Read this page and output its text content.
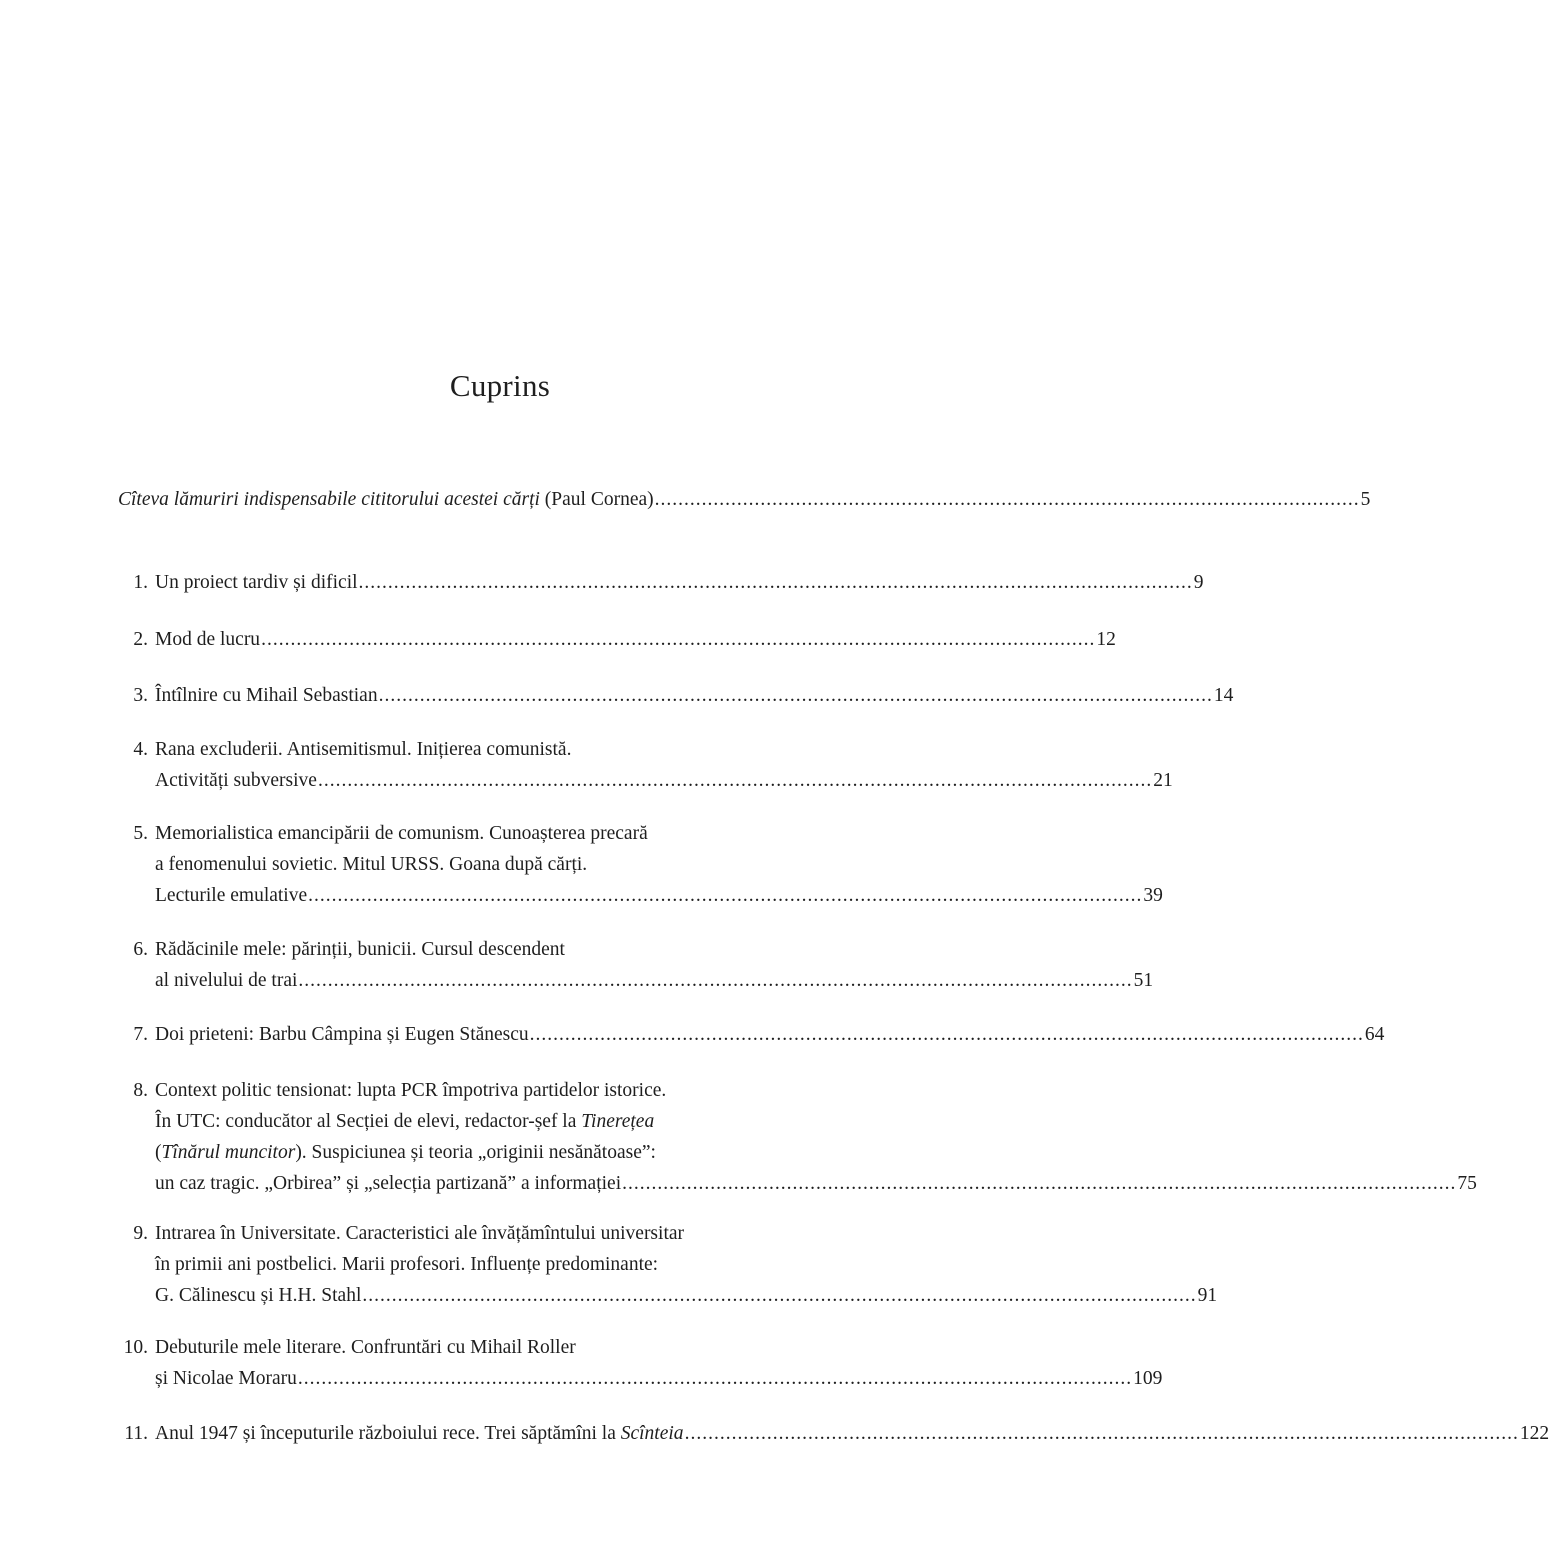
Cuprins
Cîteva lămuriri indispensabile cititorului acestei cărți (Paul Cornea) ........................................................................................................................ 5
1. Un proiect tardiv și dificil .............................................................................................................................................. 9
2. Mod de lucru .............................................................................................................................................. 12
3. Întîlnire cu Mihail Sebastian .............................................................................................................................................. 14
4. Rana excluderii. Antisemitismul. Inițierea comunistă.
Activități subversive .............................................................................................................................................. 21
5. Memorialistica emancipării de comunism. Cunoașterea precară
a fenomenului sovietic. Mitul URSS. Goana după cărți.
Lecturile emulative .............................................................................................................................................. 39
6. Rădăcinile mele: părinții, bunicii. Cursul descendent
al nivelului de trai .............................................................................................................................................. 51
7. Doi prieteni: Barbu Câmpina și Eugen Stănescu .............................................................................................................................................. 64
8. Context politic tensionat: lupta PCR împotriva partidelor istorice.
În UTC: conducător al Secției de elevi, redactor-șef la Tinerețea
(Tînărul muncitor). Suspiciunea și teoria „originii nesănătoase”:
un caz tragic. „Orbirea” și „selecția partizană” a informației .............................................................................................................................................. 75
9. Intrarea în Universitate. Caracteristici ale învățămîntului universitar
în primii ani postbelici. Marii profesori. Influențe predominante:
G. Călinescu și H.H. Stahl .............................................................................................................................................. 91
10. Debuturile mele literare. Confruntări cu Mihail Roller
și Nicolae Moraru .............................................................................................................................................. 109
11. Anul 1947 și începuturile războiului rece. Trei săptămîni la Scînteia .............................................................................................................................................. 122
